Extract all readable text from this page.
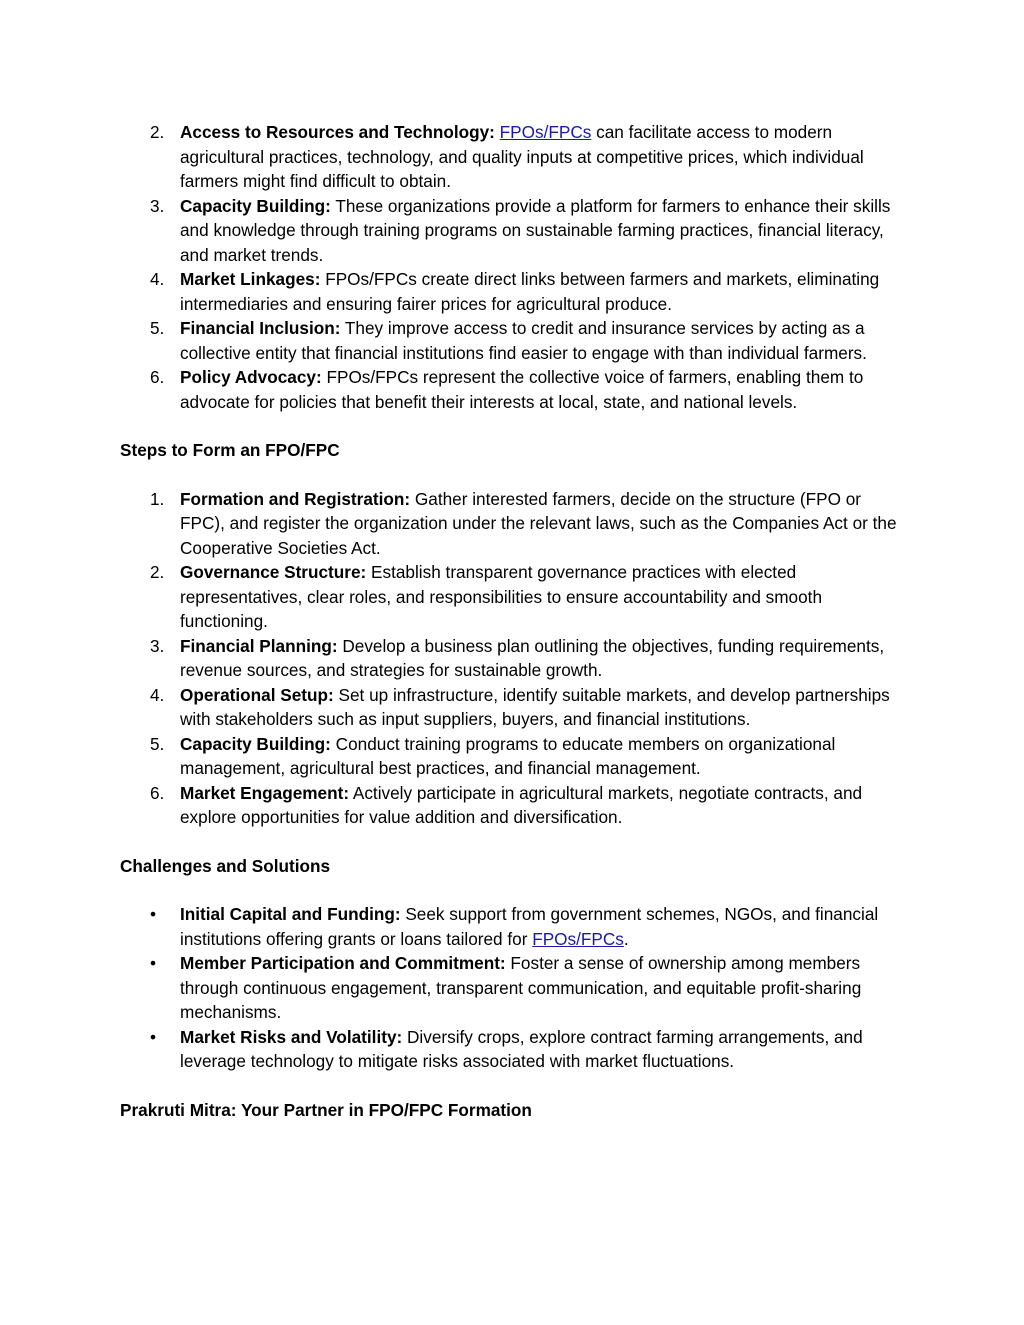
2. Access to Resources and Technology: FPOs/FPCs can facilitate access to modern agricultural practices, technology, and quality inputs at competitive prices, which individual farmers might find difficult to obtain.
3. Capacity Building: These organizations provide a platform for farmers to enhance their skills and knowledge through training programs on sustainable farming practices, financial literacy, and market trends.
4. Market Linkages: FPOs/FPCs create direct links between farmers and markets, eliminating intermediaries and ensuring fairer prices for agricultural produce.
5. Financial Inclusion: They improve access to credit and insurance services by acting as a collective entity that financial institutions find easier to engage with than individual farmers.
6. Policy Advocacy: FPOs/FPCs represent the collective voice of farmers, enabling them to advocate for policies that benefit their interests at local, state, and national levels.

Steps to Form an FPO/FPC

1. Formation and Registration: Gather interested farmers, decide on the structure (FPO or FPC), and register the organization under the relevant laws, such as the Companies Act or the Cooperative Societies Act.
2. Governance Structure: Establish transparent governance practices with elected representatives, clear roles, and responsibilities to ensure accountability and smooth functioning.
3. Financial Planning: Develop a business plan outlining the objectives, funding requirements, revenue sources, and strategies for sustainable growth.
4. Operational Setup: Set up infrastructure, identify suitable markets, and develop partnerships with stakeholders such as input suppliers, buyers, and financial institutions.
5. Capacity Building: Conduct training programs to educate members on organizational management, agricultural best practices, and financial management.
6. Market Engagement: Actively participate in agricultural markets, negotiate contracts, and explore opportunities for value addition and diversification.

Challenges and Solutions

• Initial Capital and Funding: Seek support from government schemes, NGOs, and financial institutions offering grants or loans tailored for FPOs/FPCs.
• Member Participation and Commitment: Foster a sense of ownership among members through continuous engagement, transparent communication, and equitable profit-sharing mechanisms.
• Market Risks and Volatility: Diversify crops, explore contract farming arrangements, and leverage technology to mitigate risks associated with market fluctuations.

Prakruti Mitra: Your Partner in FPO/FPC Formation
